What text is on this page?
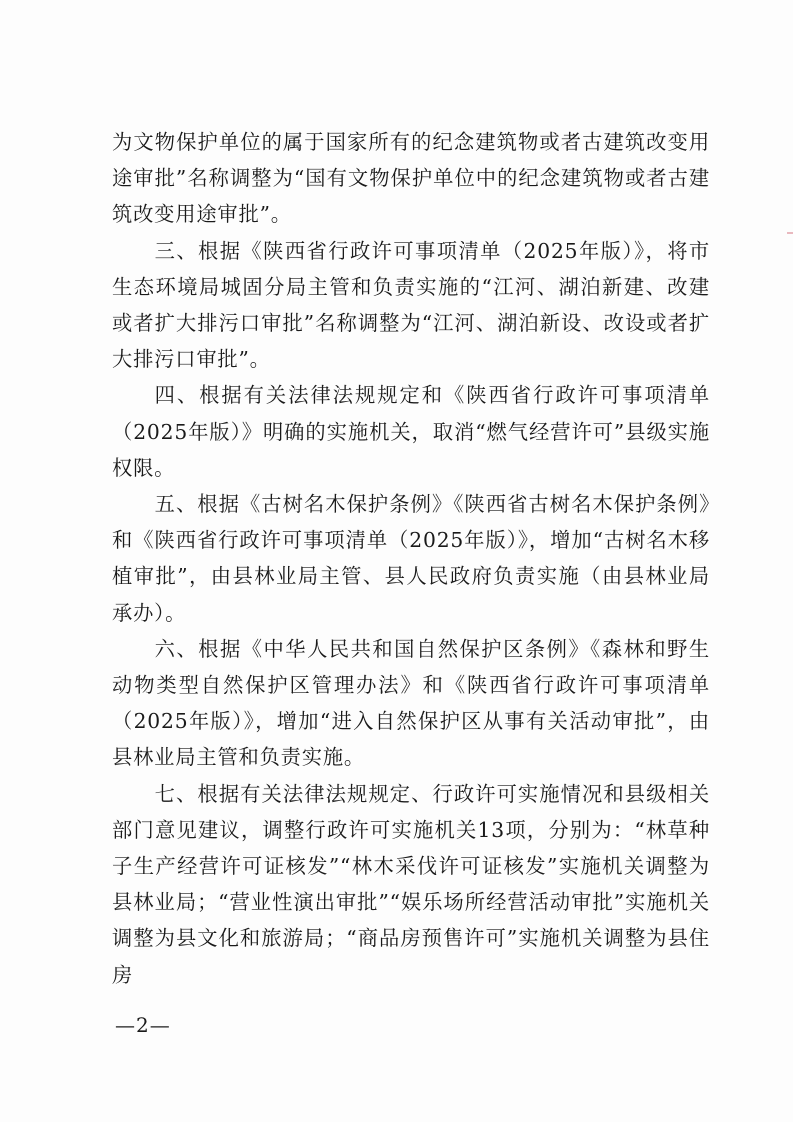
为文物保护单位的属于国家所有的纪念建筑物或者古建筑改变用途审批”名称调整为“国有文物保护单位中的纪念建筑物或者古建筑改变用途审批”。

三、根据《陕西省行政许可事项清单（2025年版）》，将市生态环境局城固分局主管和负责实施的“江河、湖泊新建、改建或者扩大排污口审批”名称调整为“江河、湖泊新设、改设或者扩大排污口审批”。

四、根据有关法律法规规定和《陕西省行政许可事项清单（2025年版）》明确的实施机关，取消“燃气经营许可”县级实施权限。

五、根据《古树名木保护条例》《陕西省古树名木保护条例》和《陕西省行政许可事项清单（2025年版）》，增加“古树名木移植审批”，由县林业局主管、县人民政府负责实施（由县林业局承办）。

六、根据《中华人民共和国自然保护区条例》《森林和野生动物类型自然保护区管理办法》和《陕西省行政许可事项清单（2025年版）》，增加“进入自然保护区从事有关活动审批”，由县林业局主管和负责实施。

七、根据有关法律法规规定、行政许可实施情况和县级相关部门意见建议，调整行政许可实施机关13项，分别为：“林草种子生产经营许可证核发”“林木采伐许可证核发”实施机关调整为县林业局；“营业性演出审批”“娱乐场所经营活动审批”实施机关调整为县文化和旅游局；“商品房预售许可”实施机关调整为县住房

—2—
